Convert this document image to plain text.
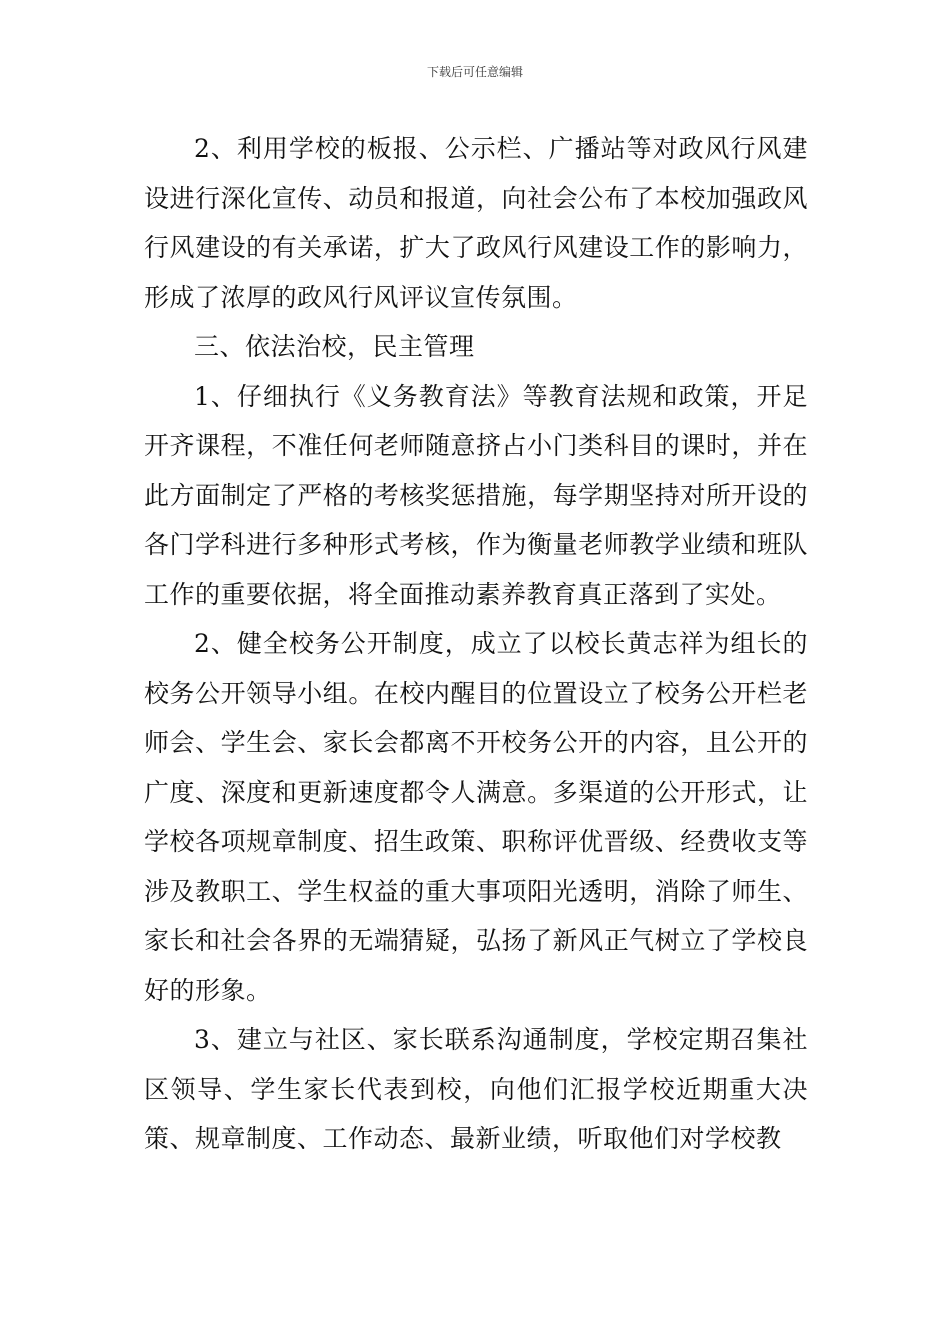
下载后可任意编辑

2、利用学校的板报、公示栏、广播站等对政风行风建设进行深化宣传、动员和报道，向社会公布了本校加强政风行风建设的有关承诺，扩大了政风行风建设工作的影响力，形成了浓厚的政风行风评议宣传氛围。

三、依法治校，民主管理

1、仔细执行《义务教育法》等教育法规和政策，开足开齐课程，不准任何老师随意挤占小门类科目的课时，并在此方面制定了严格的考核奖惩措施，每学期坚持对所开设的各门学科进行多种形式考核，作为衡量老师教学业绩和班队工作的重要依据，将全面推动素养教育真正落到了实处。

2、健全校务公开制度，成立了以校长黄志祥为组长的校务公开领导小组。在校内醒目的位置设立了校务公开栏老师会、学生会、家长会都离不开校务公开的内容，且公开的广度、深度和更新速度都令人满意。多渠道的公开形式，让学校各项规章制度、招生政策、职称评优晋级、经费收支等涉及教职工、学生权益的重大事项阳光透明，消除了师生、家长和社会各界的无端猜疑，弘扬了新风正气树立了学校良好的形象。

3、建立与社区、家长联系沟通制度，学校定期召集社区领导、学生家长代表到校，向他们汇报学校近期重大决策、规章制度、工作动态、最新业绩，听取他们对学校教
